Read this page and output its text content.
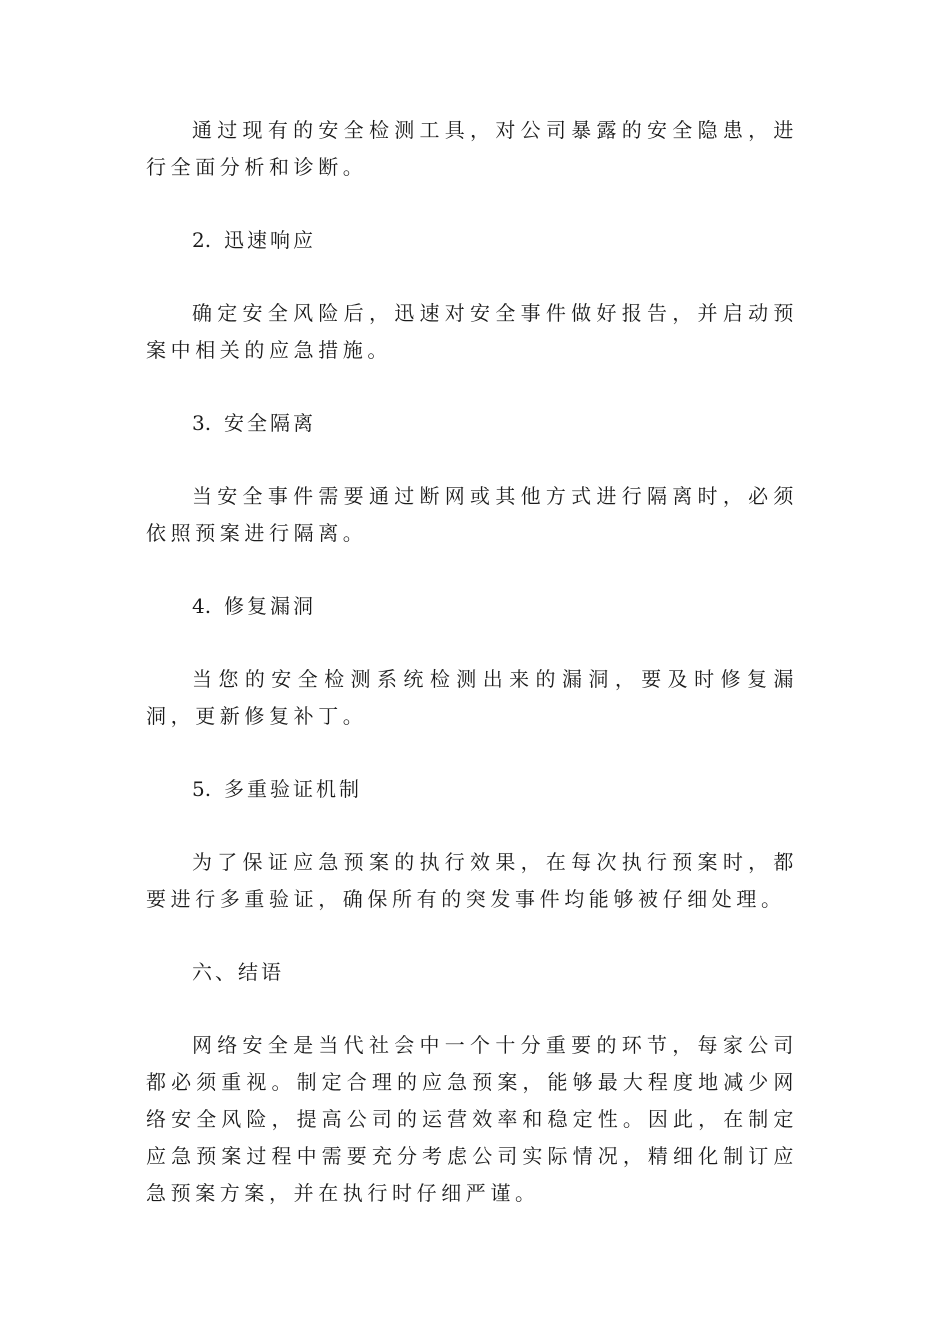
通过现有的安全检测工具，对公司暴露的安全隐患，进行全面分析和诊断。

2. 迅速响应

确定安全风险后，迅速对安全事件做好报告，并启动预案中相关的应急措施。

3. 安全隔离

当安全事件需要通过断网或其他方式进行隔离时，必须依照预案进行隔离。

4. 修复漏洞

当您的安全检测系统检测出来的漏洞，要及时修复漏洞，更新修复补丁。

5. 多重验证机制

为了保证应急预案的执行效果，在每次执行预案时，都要进行多重验证，确保所有的突发事件均能够被仔细处理。

六、结语

网络安全是当代社会中一个十分重要的环节，每家公司都必须重视。制定合理的应急预案，能够最大程度地减少网络安全风险，提高公司的运营效率和稳定性。因此，在制定应急预案过程中需要充分考虑公司实际情况，精细化制订应急预案方案，并在执行时仔细严谨。
